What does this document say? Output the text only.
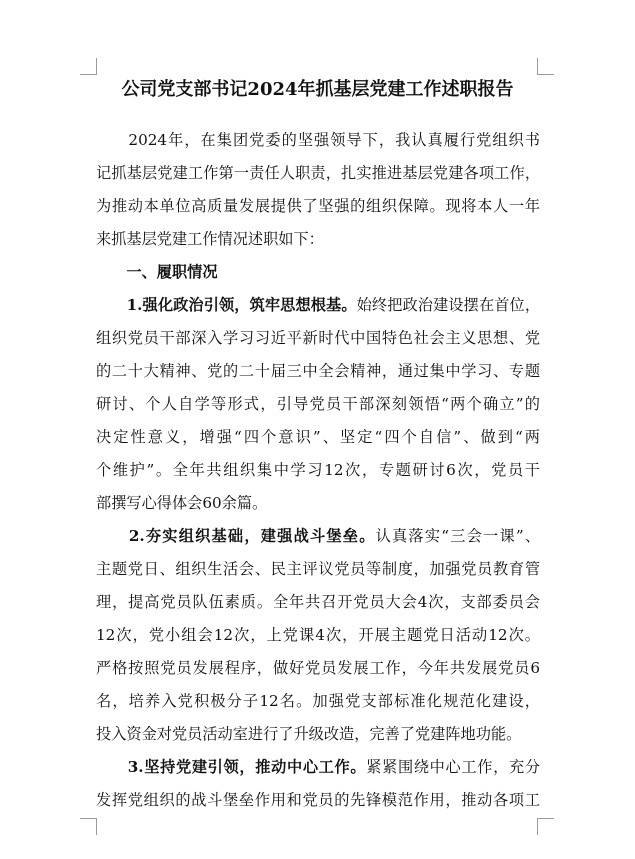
公司党支部书记2024年抓基层党建工作述职报告
　　2024年，在集团党委的坚强领导下，我认真履行党组织书
记抓基层党建工作第一责任人职责，扎实推进基层党建各项工作，
为推动本单位高质量发展提供了坚强的组织保障。现将本人一年
来抓基层党建工作情况述职如下：
　　一、履职情况
　　1.强化政治引领，筑牢思想根基。始终把政治建设摆在首位，
组织党员干部深入学习习近平新时代中国特色社会主义思想、党
的二十大精神、党的二十届三中全会精神，通过集中学习、专题
研讨、个人自学等形式，引导党员干部深刻领悟“两个确立”的
决定性意义，增强“四个意识”、坚定“四个自信”、做到“两
个维护”。全年共组织集中学习12次，专题研讨6次，党员干
部撰写心得体会60余篇。
　　2.夯实组织基础，建强战斗堡垒。认真落实“三会一课”、
主题党日、组织生活会、民主评议党员等制度，加强党员教育管
理，提高党员队伍素质。全年共召开党员大会4次，支部委员会
12次，党小组会12次，上党课4次，开展主题党日活动12次。
严格按照党员发展程序，做好党员发展工作，今年共发展党员6
名，培养入党积极分子12名。加强党支部标准化规范化建设，
投入资金对党员活动室进行了升级改造，完善了党建阵地功能。
　　3.坚持党建引领，推动中心工作。紧紧围绕中心工作，充分
发挥党组织的战斗堡垒作用和党员的先锋模范作用，推动各项工
